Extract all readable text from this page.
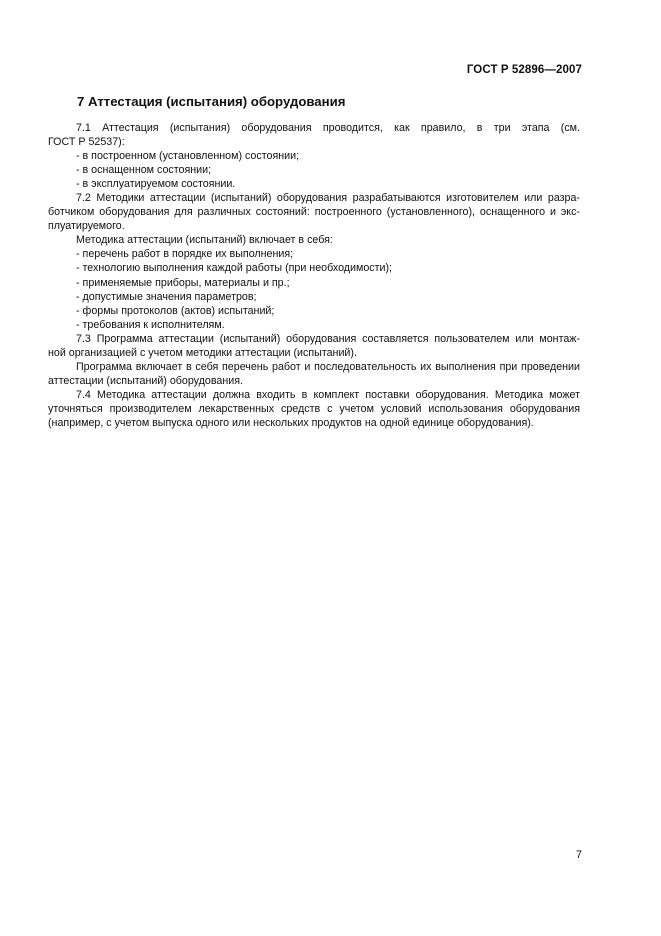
ГОСТ Р 52896—2007
7 Аттестация (испытания) оборудования
7.1 Аттестация (испытания) оборудования проводится, как правило, в три этапа (см.
ГОСТ Р 52537):
- в построенном (установленном) состоянии;
- в оснащенном состоянии;
- в эксплуатируемом состоянии.
7.2 Методики аттестации (испытаний) оборудования разрабатываются изготовителем или разра-
ботчиком оборудования для различных состояний: построенного (установленного), оснащенного и экс-
плуатируемого.
Методика аттестации (испытаний) включает в себя:
- перечень работ в порядке их выполнения;
- технологию выполнения каждой работы (при необходимости);
- применяемые приборы, материалы и пр.;
- допустимые значения параметров;
- формы протоколов (актов) испытаний;
- требования к исполнителям.
7.3 Программа аттестации (испытаний) оборудования составляется пользователем или монтаж-
ной организацией с учетом методики аттестации (испытаний).
Программа включает в себя перечень работ и последовательность их выполнения при проведении
аттестации (испытаний) оборудования.
7.4 Методика аттестации должна входить в комплект поставки оборудования. Методика может
уточняться производителем лекарственных средств с учетом условий использования оборудования
(например, с учетом выпуска одного или нескольких продуктов на одной единице оборудования).
7
